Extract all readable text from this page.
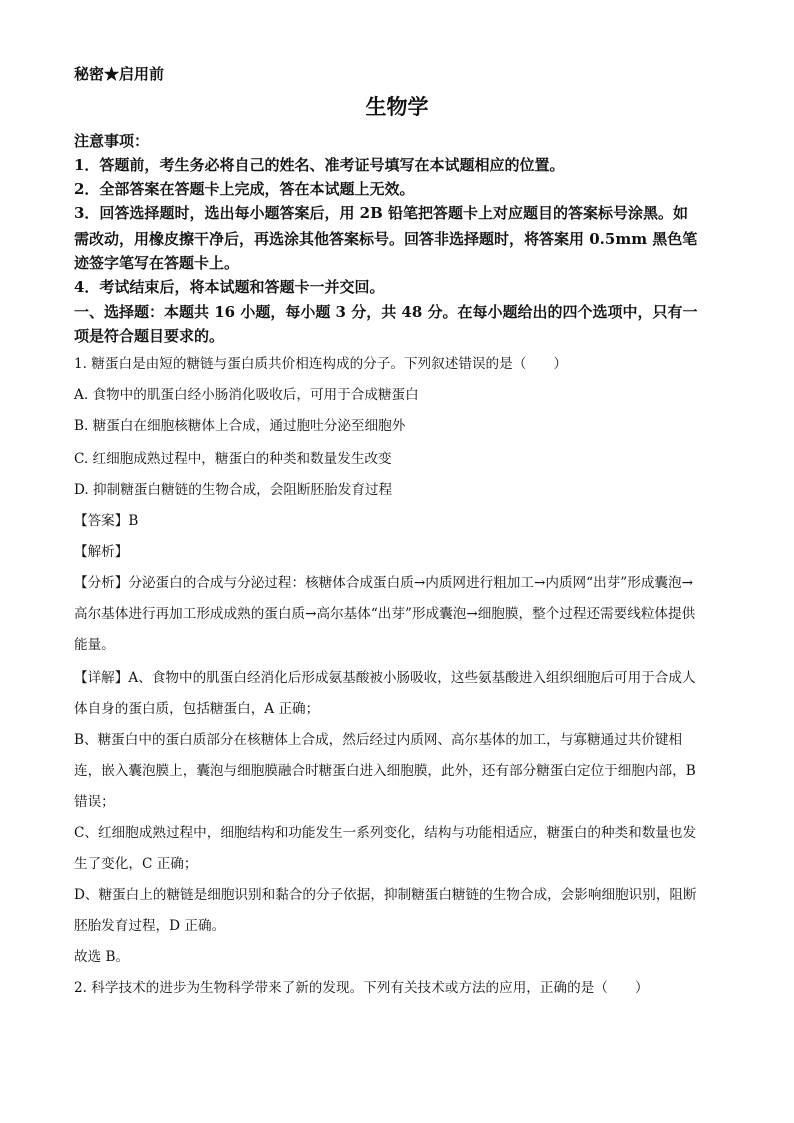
秘密★启用前
生物学
注意事项：
1．答题前，考生务必将自己的姓名、准考证号填写在本试题相应的位置。
2．全部答案在答题卡上完成，答在本试题上无效。
3．回答选择题时，选出每小题答案后，用 2B 铅笔把答题卡上对应题目的答案标号涂黑。如
需改动，用橡皮擦干净后，再选涂其他答案标号。回答非选择题时，将答案用 0.5mm 黑色笔
迹签字笔写在答题卡上。
4．考试结束后，将本试题和答题卡一并交回。
一、选择题：本题共 16 小题，每小题 3 分，共 48 分。在每小题给出的四个选项中，只有一
项是符合题目要求的。
1. 糖蛋白是由短的糖链与蛋白质共价相连构成的分子。下列叙述错误的是（　　）
A. 食物中的肌蛋白经小肠消化吸收后，可用于合成糖蛋白
B. 糖蛋白在细胞核糖体上合成，通过胞吐分泌至细胞外
C. 红细胞成熟过程中，糖蛋白的种类和数量发生改变
D. 抑制糖蛋白糖链的生物合成，会阻断胚胎发育过程
【答案】B
【解析】
【分析】分泌蛋白的合成与分泌过程：核糖体合成蛋白质→内质网进行粗加工→内质网“出芽”形成囊泡→
高尔基体进行再加工形成成熟的蛋白质→高尔基体“出芽”形成囊泡→细胞膜，整个过程还需要线粒体提供
能量。
【详解】A、食物中的肌蛋白经消化后形成氨基酸被小肠吸收，这些氨基酸进入组织细胞后可用于合成人
体自身的蛋白质，包括糖蛋白，A 正确；
B、糖蛋白中的蛋白质部分在核糖体上合成，然后经过内质网、高尔基体的加工，与寡糖通过共价键相
连，嵌入囊泡膜上，囊泡与细胞膜融合时糖蛋白进入细胞膜，此外，还有部分糖蛋白定位于细胞内部，B
错误；
C、红细胞成熟过程中，细胞结构和功能发生一系列变化，结构与功能相适应，糖蛋白的种类和数量也发
生了变化，C 正确；
D、糖蛋白上的糖链是细胞识别和黏合的分子依据，抑制糖蛋白糖链的生物合成，会影响细胞识别，阻断
胚胎发育过程，D 正确。
故选 B。
2. 科学技术的进步为生物科学带来了新的发现。下列有关技术或方法的应用，正确的是（　　）
